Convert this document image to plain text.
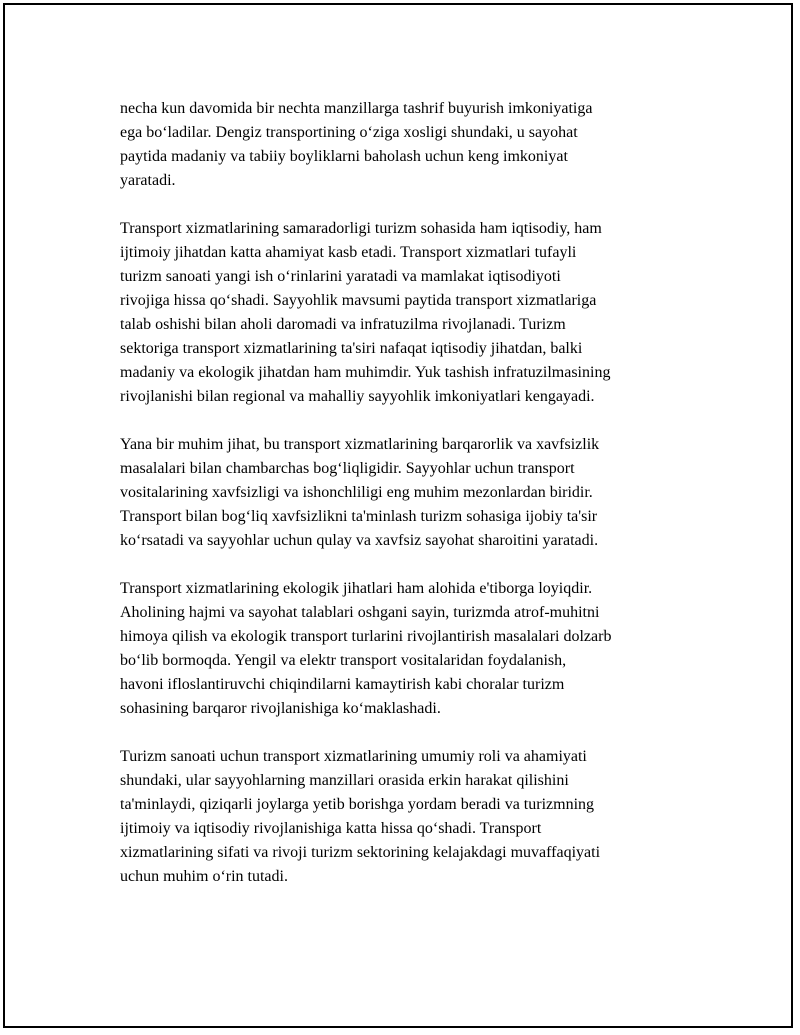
necha kun davomida bir nechta manzillarga tashrif buyurish imkoniyatiga
ega boʻladilar. Dengiz transportining oʻziga xosligi shundaki, u sayohat
paytida madaniy va tabiiy boyliklarni baholash uchun keng imkoniyat
yaratadi.

Transport xizmatlarining samaradorligi turizm sohasida ham iqtisodiy, ham
ijtimoiy jihatdan katta ahamiyat kasb etadi. Transport xizmatlari tufayli
turizm sanoati yangi ish oʻrinlarini yaratadi va mamlakat iqtisodiyoti
rivojiga hissa qoʻshadi. Sayyohlik mavsumi paytida transport xizmatlariga
talab oshishi bilan aholi daromadi va infratuzilma rivojlanadi. Turizm
sektoriga transport xizmatlarining ta'siri nafaqat iqtisodiy jihatdan, balki
madaniy va ekologik jihatdan ham muhimdir. Yuk tashish infratuzilmasining
rivojlanishi bilan regional va mahalliy sayyohlik imkoniyatlari kengayadi.

Yana bir muhim jihat, bu transport xizmatlarining barqarorlik va xavfsizlik
masalalari bilan chambarchas bogʻliqligidir. Sayyohlar uchun transport
vositalarining xavfsizligi va ishonchliligi eng muhim mezonlardan biridir.
Transport bilan bogʻliq xavfsizlikni ta'minlash turizm sohasiga ijobiy ta'sir
koʻrsatadi va sayyohlar uchun qulay va xavfsiz sayohat sharoitini yaratadi.

Transport xizmatlarining ekologik jihatlari ham alohida e'tiborga loyiqdir.
Aholining hajmi va sayohat talablari oshgani sayin, turizmda atrof-muhitni
himoya qilish va ekologik transport turlarini rivojlantirish masalalari dolzarb
boʻlib bormoqda. Yengil va elektr transport vositalaridan foydalanish,
havoni ifloslantiruvchi chiqindilarni kamaytirish kabi choralar turizm
sohasining barqaror rivojlanishiga koʻmaklashadi.

Turizm sanoati uchun transport xizmatlarining umumiy roli va ahamiyati
shundaki, ular sayyohlarning manzillari orasida erkin harakat qilishini
ta'minlaydi, qiziqarli joylarga yetib borishga yordam beradi va turizmning
ijtimoiy va iqtisodiy rivojlanishiga katta hissa qoʻshadi. Transport
xizmatlarining sifati va rivoji turizm sektorining kelajakdagi muvaffaqiyati
uchun muhim oʻrin tutadi.
